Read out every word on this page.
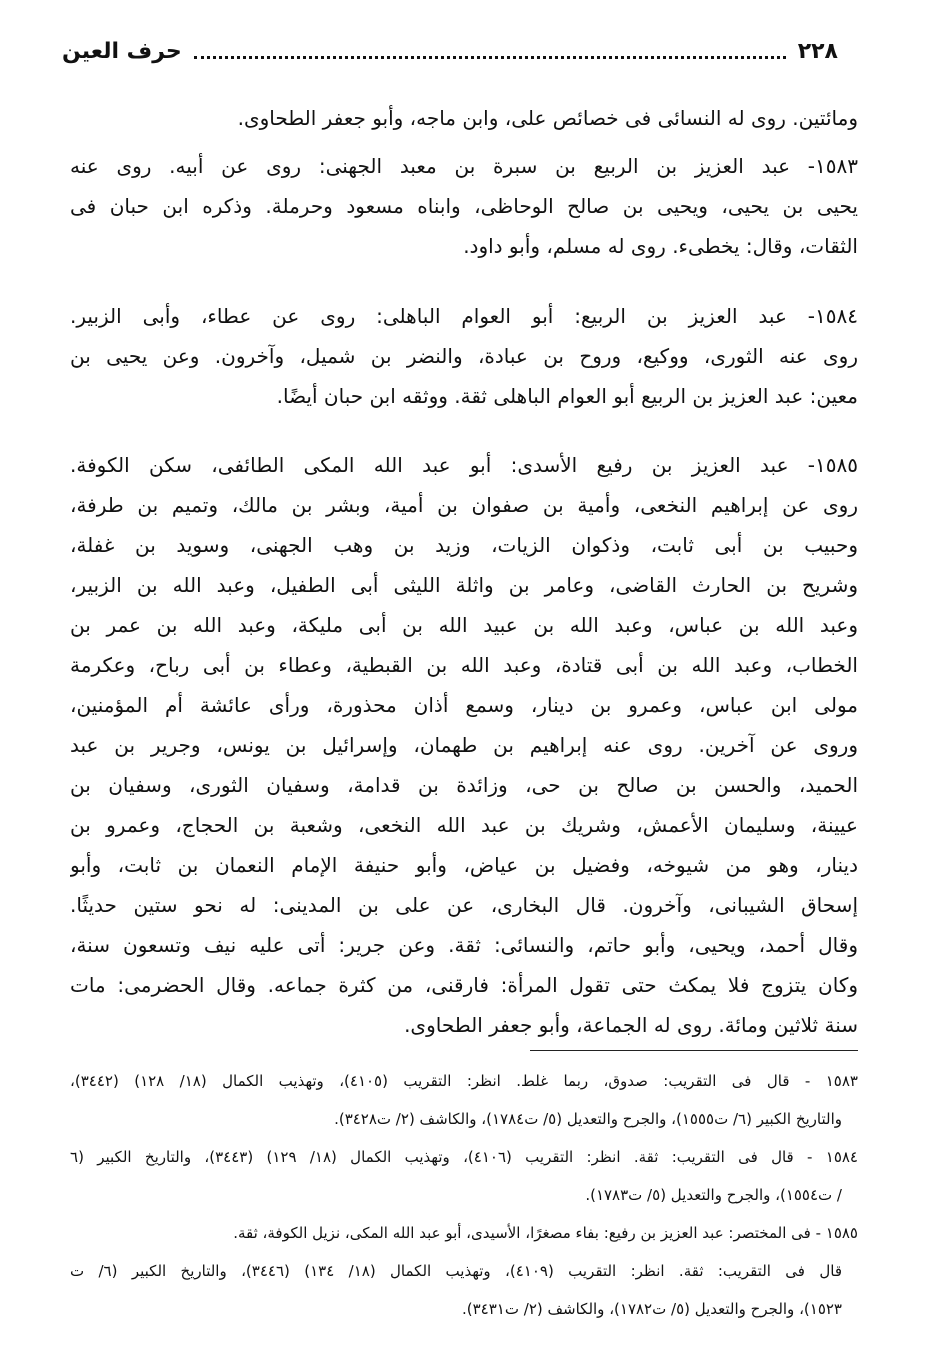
٢٢٨
حرف العين
ومائتين. روى له النسائى فى خصائص على، وابن ماجه، وأبو جعفر الطحاوى.
١٥٨٣- عبد العزيز بن الربيع بن سبرة بن معبد الجهنى: روى عن أبيه. روى عنه
يحيى بن يحيى، ويحيى بن صالح الوحاظى، وابناه مسعود وحرملة. وذكره ابن حبان فى
الثقات، وقال: يخطىء. روى له مسلم، وأبو داود.
١٥٨٤- عبد العزيز بن الربيع: أبو العوام الباهلى: روى عن عطاء، وأبى الزبير.
روى عنه الثورى، ووكيع، وروح بن عبادة، والنضر بن شميل، وآخرون. وعن يحيى بن
معين: عبد العزيز بن الربيع أبو العوام الباهلى ثقة. ووثقه ابن حبان أيضًا.
١٥٨٥- عبد العزيز بن رفيع الأسدى: أبو عبد الله المكى الطائفى، سكن الكوفة.
روى عن إبراهيم النخعى، وأمية بن صفوان بن أمية، وبشر بن مالك، وتميم بن طرفة،
وحبيب بن أبى ثابت، وذكوان الزيات، وزيد بن وهب الجهنى، وسويد بن غفلة،
وشريح بن الحارث القاضى، وعامر بن واثلة الليثى أبى الطفيل، وعبد الله بن الزبير،
وعبد الله بن عباس، وعبد الله بن عبيد الله بن أبى مليكة، وعبد الله بن عمر بن
الخطاب، وعبد الله بن أبى قتادة، وعبد الله بن القبطية، وعطاء بن أبى رباح، وعكرمة
مولى ابن عباس، وعمرو بن دينار، وسمع أذان محذورة، ورأى عائشة أم المؤمنين،
وروى عن آخرين. روى عنه إبراهيم بن طهمان، وإسرائيل بن يونس، وجرير بن عبد
الحميد، والحسن بن صالح بن حى، وزائدة بن قدامة، وسفيان الثورى، وسفيان بن
عيينة، وسليمان الأعمش، وشريك بن عبد الله النخعى، وشعبة بن الحجاج، وعمرو بن
دينار، وهو من شيوخه، وفضيل بن عياض، وأبو حنيفة الإمام النعمان بن ثابت، وأبو
إسحاق الشيبانى، وآخرون. قال البخارى، عن على بن المدينى: له نحو ستين حديثًا.
وقال أحمد، ويحيى، وأبو حاتم، والنسائى: ثقة. وعن جرير: أتى عليه نيف وتسعون سنة،
وكان يتزوج فلا يمكث حتى تقول المرأة: فارقنى، من كثرة جماعه. وقال الحضرمى: مات
سنة ثلاثين ومائة. روى له الجماعة، وأبو جعفر الطحاوى.
١٥٨٣ - قال فى التقريب: صدوق، ربما غلط. انظر: التقريب (٤١٠٥)، وتهذيب الكمال (١٨/ ١٢٨) (٣٤٤٢)،
والتاريخ الكبير (٦/ ت١٥٥٥)، والجرح والتعديل (٥/ ت١٧٨٤)، والكاشف (٢/ ت٣٤٢٨).
١٥٨٤ - قال فى التقريب: ثقة. انظر: التقريب (٤١٠٦)، وتهذيب الكمال (١٨/ ١٢٩) (٣٤٤٣)، والتاريخ الكبير (٦
/ ت١٥٥٤)، والجرح والتعديل (٥/ ت١٧٨٣).
١٥٨٥ - فى المختصر: عبد العزيز بن رفيع: بفاء مصغرًا، الأسيدى، أبو عبد الله المكى، نزيل الكوفة، ثقة.
قال فى التقريب: ثقة. انظر: التقريب (٤١٠٩)، وتهذيب الكمال (١٨/ ١٣٤) (٣٤٤٦)، والتاريخ الكبير (٦/ ت
١٥٢٣)، والجرح والتعديل (٥/ ت١٧٨٢)، والكاشف (٢/ ت٣٤٣١).
